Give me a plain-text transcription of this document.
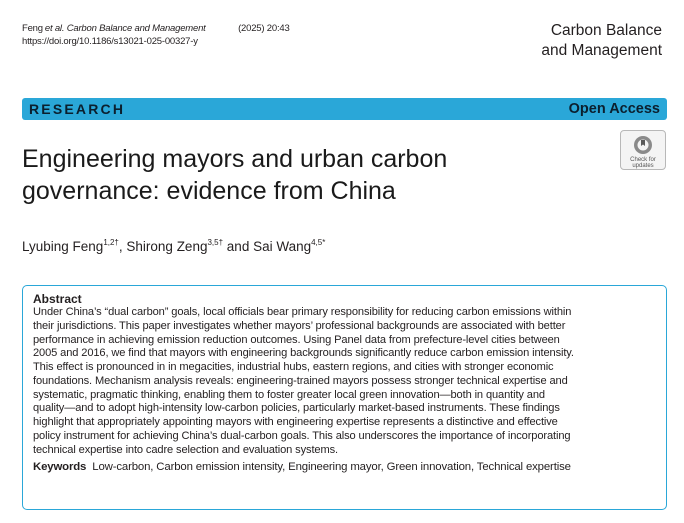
Feng et al. Carbon Balance and Management	(2025) 20:43
https://doi.org/10.1186/s13021-025-00327-y
Carbon Balance
and Management
RESEARCH	Open Access
Engineering mayors and urban carbon
governance: evidence from China
Check for
updates
Lyubing Feng$^{1,2\dagger}$, Shirong Zeng$^{3,5\dagger}$ and Sai Wang$^{4,5*}$
Abstract
Under China’s “dual carbon” goals, local officials bear primary responsibility for reducing carbon emissions within
their jurisdictions. This paper investigates whether mayors’ professional backgrounds are associated with better
performance in achieving emission reduction outcomes. Using Panel data from prefecture-level cities between
2005 and 2016, we find that mayors with engineering backgrounds significantly reduce carbon emission intensity.
This effect is pronounced in in megacities, industrial hubs, eastern regions, and cities with stronger economic
foundations. Mechanism analysis reveals: engineering-trained mayors possess stronger technical expertise and
systematic, pragmatic thinking, enabling them to foster greater local green innovation—both in quantity and
quality—and to adopt high-intensity low-carbon policies, particularly market-based instruments. These findings
highlight that appropriately appointing mayors with engineering expertise represents a distinctive and effective
policy instrument for achieving China’s dual-carbon goals. This also underscores the importance of incorporating
technical expertise into cadre selection and evaluation systems.
Keywords Low-carbon, Carbon emission intensity, Engineering mayor, Green innovation, Technical expertise
